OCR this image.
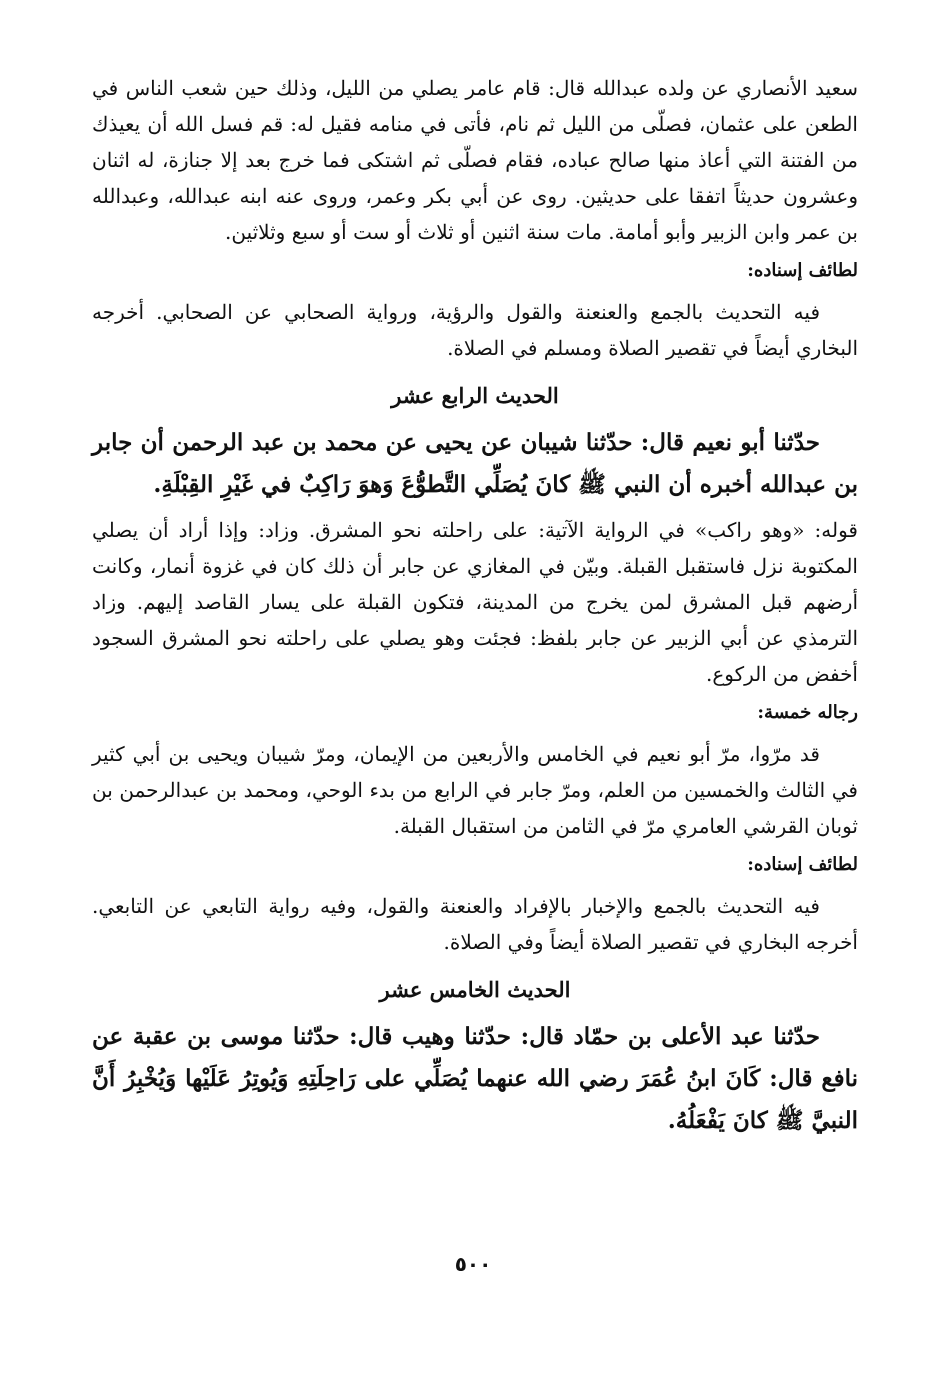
سعيد الأنصاري عن ولده عبدالله قال: قام عامر يصلي من الليل، وذلك حين شعب الناس في الطعن على عثمان، فصلّى من الليل ثم نام، فأتى في منامه فقيل له: قم فسل الله أن يعيذك من الفتنة التي أعاذ منها صالح عباده، فقام فصلّى ثم اشتكى فما خرج بعد إلا جنازة، له اثنان وعشرون حديثاً اتفقا على حديثين. روى عن أبي بكر وعمر، وروى عنه ابنه عبدالله، وعبدالله بن عمر وابن الزبير وأبو أمامة. مات سنة اثنين أو ثلاث أو ست أو سبع وثلاثين.

لطائف إسناده:

فيه التحديث بالجمع والعنعنة والقول والرؤية، ورواية الصحابي عن الصحابي. أخرجه البخاري أيضاً في تقصير الصلاة ومسلم في الصلاة.

الحديث الرابع عشر

حدّثنا أبو نعيم قال: حدّثنا شيبان عن يحيى عن محمد بن عبد الرحمن أن جابر بن عبدالله أخبره أن النبي ﷺ كانَ يُصَلِّي التَّطوُّعَ وَهوَ رَاكِبٌ في غَيْرِ القِبْلَةِ.

قوله: «وهو راكب» في الرواية الآتية: على راحلته نحو المشرق. وزاد: وإذا أراد أن يصلي المكتوبة نزل فاستقبل القبلة. وبيّن في المغازي عن جابر أن ذلك كان في غزوة أنمار، وكانت أرضهم قبل المشرق لمن يخرج من المدينة، فتكون القبلة على يسار القاصد إليهم. وزاد الترمذي عن أبي الزبير عن جابر بلفظ: فجئت وهو يصلي على راحلته نحو المشرق السجود أخفض من الركوع.

رجاله خمسة:

قد مرّوا، مرّ أبو نعيم في الخامس والأربعين من الإيمان، ومرّ شيبان ويحيى بن أبي كثير في الثالث والخمسين من العلم، ومرّ جابر في الرابع من بدء الوحي، ومحمد بن عبدالرحمن بن ثوبان القرشي العامري مرّ في الثامن من استقبال القبلة.

لطائف إسناده:

فيه التحديث بالجمع والإخبار بالإفراد والعنعنة والقول، وفيه رواية التابعي عن التابعي. أخرجه البخاري في تقصير الصلاة أيضاً وفي الصلاة.

الحديث الخامس عشر

حدّثنا عبد الأعلى بن حمّاد قال: حدّثنا وهيب قال: حدّثنا موسى بن عقبة عن نافع قال: كَانَ ابنُ عُمَرَ رضي الله عنهما يُصَلِّي على رَاحِلَتِهِ وَيُوتِرُ عَلَيْها وَيُخْبِرُ أَنَّ النبيَّ ﷺ كانَ يَفْعَلُهُ.

٥٠٠
